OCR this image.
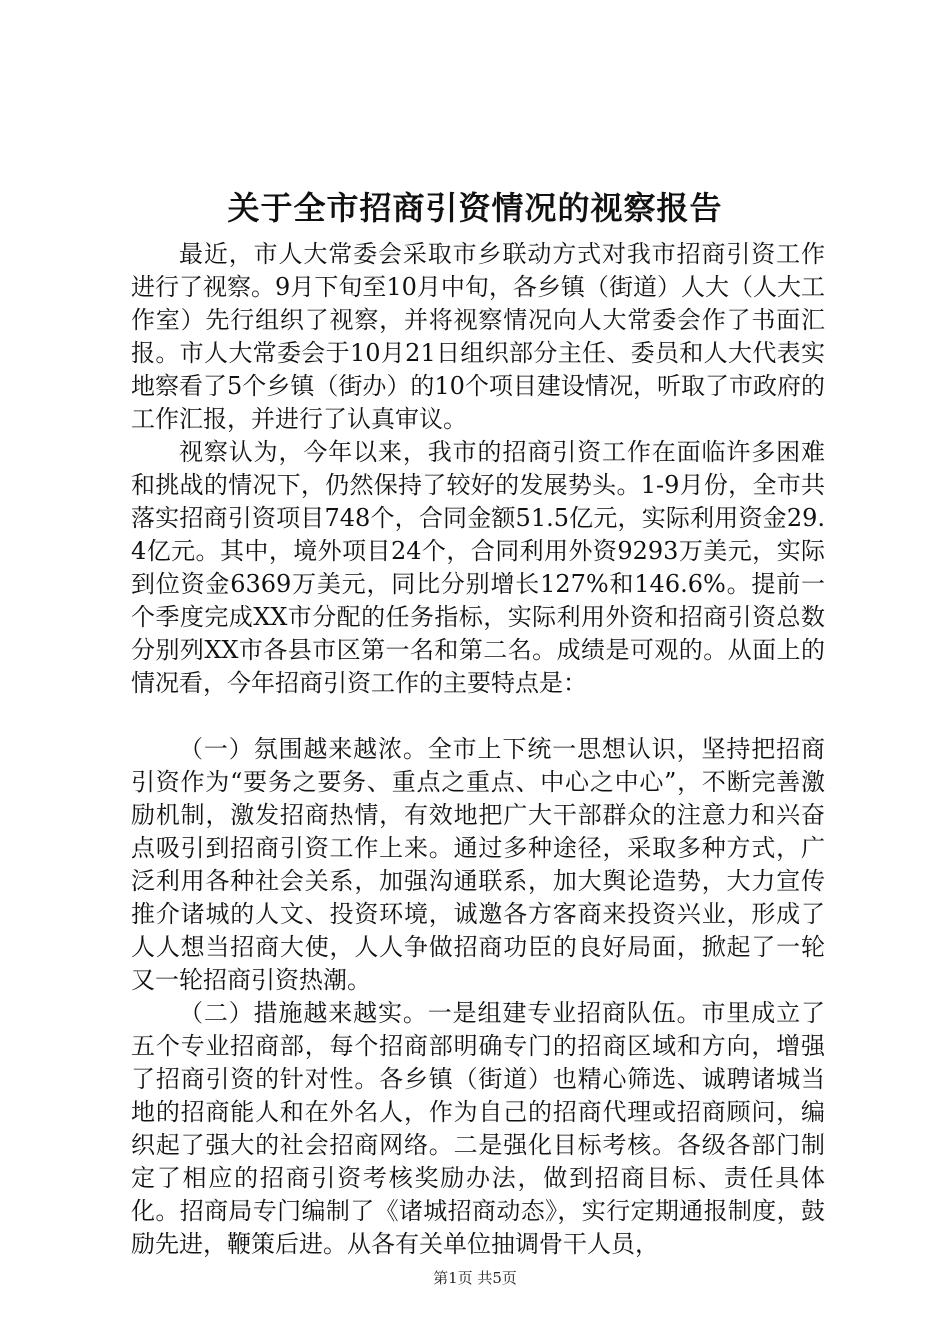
关于全市招商引资情况的视察报告

最近，市人大常委会采取市乡联动方式对我市招商引资工作进行了视察。9月下旬至10月中旬，各乡镇（街道）人大（人大工作室）先行组织了视察，并将视察情况向人大常委会作了书面汇报。市人大常委会于10月21日组织部分主任、委员和人大代表实地察看了5个乡镇（街办）的10个项目建设情况，听取了市政府的工作汇报，并进行了认真审议。

视察认为，今年以来，我市的招商引资工作在面临许多困难和挑战的情况下，仍然保持了较好的发展势头。1-9月份，全市共落实招商引资项目748个，合同金额51.5亿元，实际利用资金29.4亿元。其中，境外项目24个，合同利用外资9293万美元，实际到位资金6369万美元，同比分别增长127%和146.6%。提前一个季度完成XX市分配的任务指标，实际利用外资和招商引资总数分别列XX市各县市区第一名和第二名。成绩是可观的。从面上的情况看，今年招商引资工作的主要特点是：

（一）氛围越来越浓。全市上下统一思想认识，坚持把招商引资作为“要务之要务、重点之重点、中心之中心”，不断完善激励机制，激发招商热情，有效地把广大干部群众的注意力和兴奋点吸引到招商引资工作上来。通过多种途径，采取多种方式，广泛利用各种社会关系，加强沟通联系，加大舆论造势，大力宣传推介诸城的人文、投资环境，诚邀各方客商来投资兴业，形成了人人想当招商大使，人人争做招商功臣的良好局面，掀起了一轮又一轮招商引资热潮。

（二）措施越来越实。一是组建专业招商队伍。市里成立了五个专业招商部，每个招商部明确专门的招商区域和方向，增强了招商引资的针对性。各乡镇（街道）也精心筛选、诚聘诸城当地的招商能人和在外名人，作为自己的招商代理或招商顾问，编织起了强大的社会招商网络。二是强化目标考核。各级各部门制定了相应的招商引资考核奖励办法，做到招商目标、责任具体化。招商局专门编制了《诸城招商动态》，实行定期通报制度，鼓励先进，鞭策后进。从各有关单位抽调骨干人员，

第1页 共5页
